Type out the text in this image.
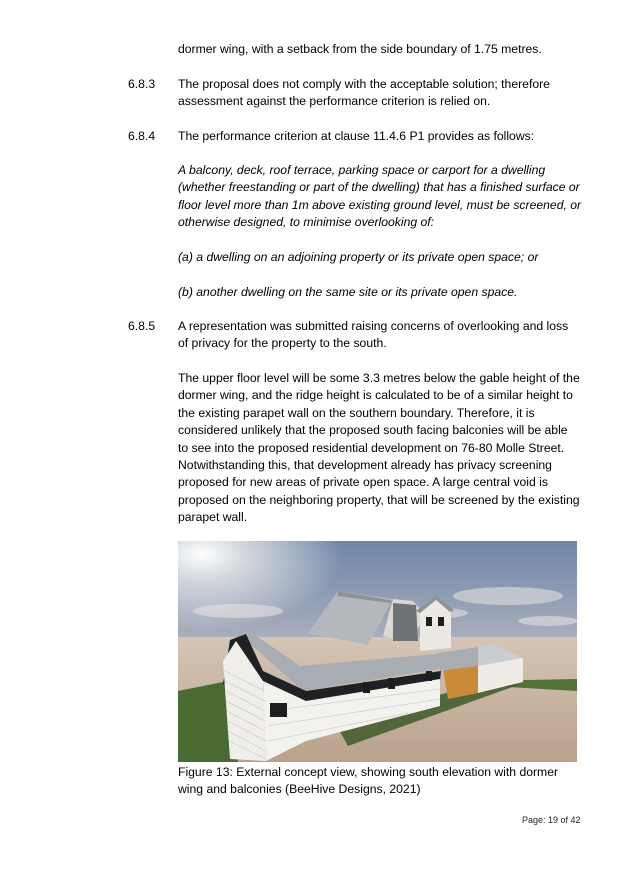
dormer wing, with a setback from the side boundary of 1.75 metres.
6.8.3 The proposal does not comply with the acceptable solution; therefore assessment against the performance criterion is relied on.
6.8.4 The performance criterion at clause 11.4.6 P1 provides as follows:
A balcony, deck, roof terrace, parking space or carport for a dwelling (whether freestanding or part of the dwelling) that has a finished surface or floor level more than 1m above existing ground level, must be screened, or otherwise designed, to minimise overlooking of:
(a) a dwelling on an adjoining property or its private open space; or
(b) another dwelling on the same site or its private open space.
6.8.5 A representation was submitted raising concerns of overlooking and loss of privacy for the property to the south.
The upper floor level will be some 3.3 metres below the gable height of the dormer wing, and the ridge height is calculated to be of a similar height to the existing parapet wall on the southern boundary. Therefore, it is considered unlikely that the proposed south facing balconies will be able to see into the proposed residential development on 76-80 Molle Street. Notwithstanding this, that development already has privacy screening proposed for new areas of private open space. A large central void is proposed on the neighboring property, that will be screened by the existing parapet wall.
Figure 13: External concept view, showing south elevation with dormer wing and balconies (BeeHive Designs, 2021)
Page: 19 of 42
